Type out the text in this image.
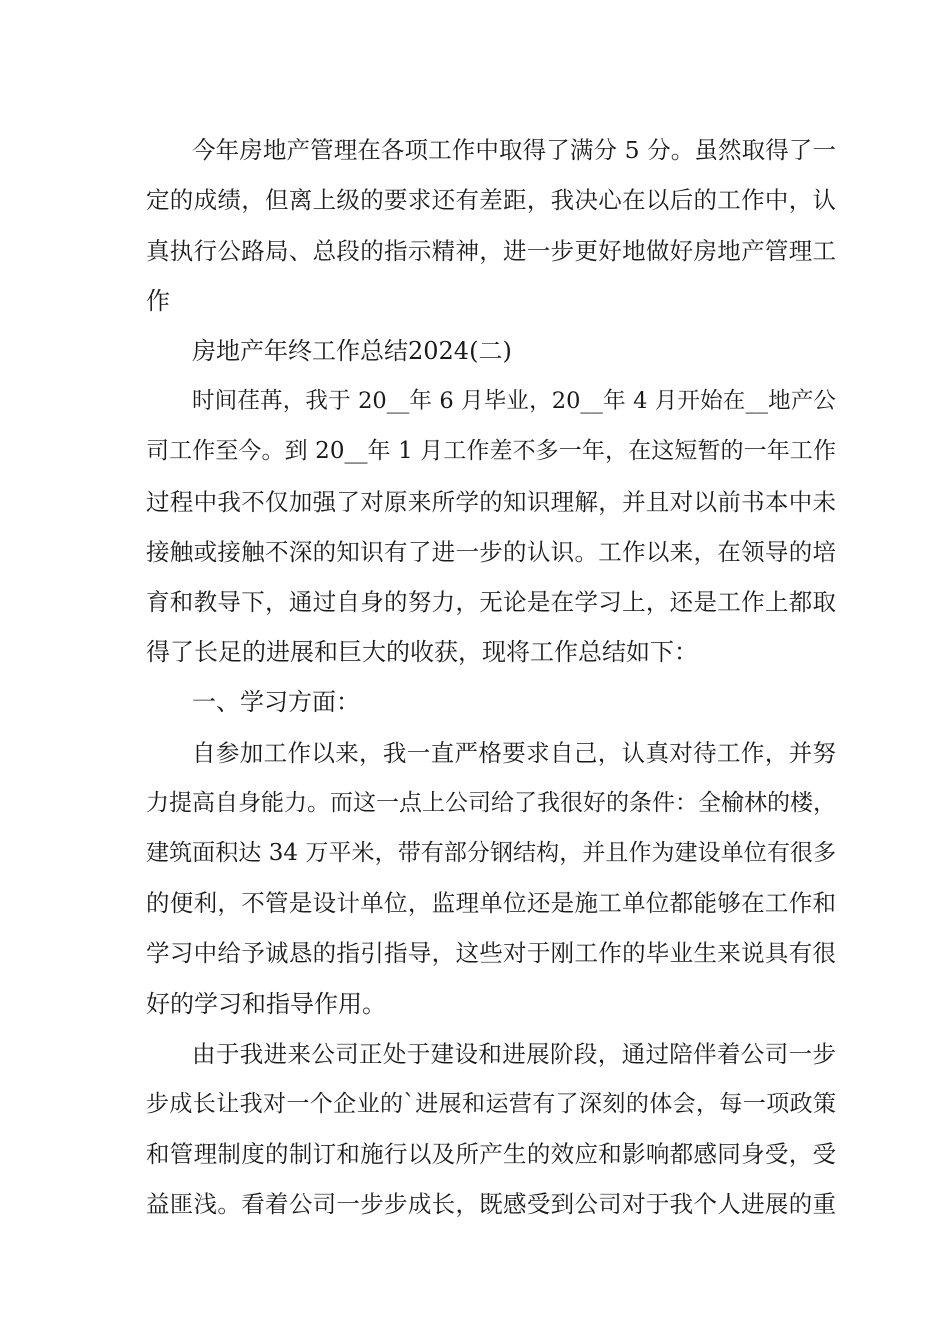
今年房地产管理在各项工作中取得了满分 5 分。虽然取得了一
定的成绩，但离上级的要求还有差距，我决心在以后的工作中，认
真执行公路局、总段的指示精神，进一步更好地做好房地产管理工
作
房地产年终工作总结2024(二)
时间荏苒，我于 20__年 6 月毕业，20__年 4 月开始在__地产公
司工作至今。到 20__年 1 月工作差不多一年，在这短暂的一年工作
过程中我不仅加强了对原来所学的知识理解，并且对以前书本中未
接触或接触不深的知识有了进一步的认识。工作以来，在领导的培
育和教导下，通过自身的努力，无论是在学习上，还是工作上都取
得了长足的进展和巨大的收获，现将工作总结如下：
一、学习方面：
自参加工作以来，我一直严格要求自己，认真对待工作，并努
力提高自身能力。而这一点上公司给了我很好的条件：全榆林的楼，
建筑面积达 34 万平米，带有部分钢结构，并且作为建设单位有很多
的便利，不管是设计单位，监理单位还是施工单位都能够在工作和
学习中给予诚恳的指引指导，这些对于刚工作的毕业生来说具有很
好的学习和指导作用。
由于我进来公司正处于建设和进展阶段，通过陪伴着公司一步
步成长让我对一个企业的`进展和运营有了深刻的体会，每一项政策
和管理制度的制订和施行以及所产生的效应和影响都感同身受，受
益匪浅。看着公司一步步成长，既感受到公司对于我个人进展的重
